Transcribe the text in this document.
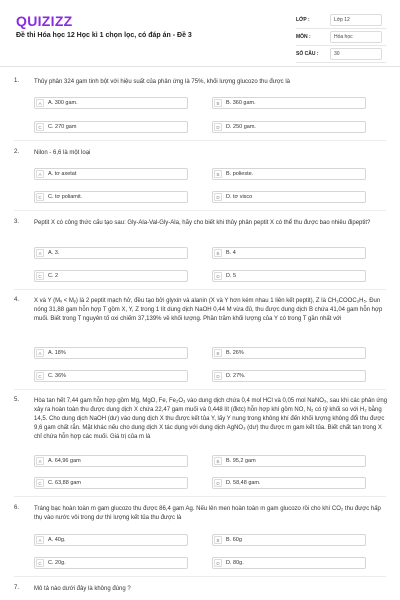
QUIZIZZ
Đề thi Hóa học 12 Học kì 1 chọn lọc, có đáp án - Đề 3
LỚP :	Lớp 12
MÔN :	Hóa học
SỐ CÂU :	30
1. Thủy phân 324 gam tinh bột với hiệu suất của phản ứng là 75%, khối lượng glucozo thu được là
A	A. 300 gam.	B	B. 360 gam.
C	C. 270 gam	D	D. 250 gam.
2. Nilon - 6,6 là một loại
A	A. tơ axetat	B	B. polieste.
C	C. tơ poliamit.	D	D. tơ visco
3. Peptit X có công thức cấu tạo sau: Gly-Ala-Val-Gly-Ala, hãy cho biết khi thủy phân peptit X có thể thu được bao nhiêu đipeptit?
A	A. 3.	B	B. 4
C	C. 2	D	D. 5
4. X và Y (Mₓ < Mᵧ) là 2 peptit mạch hở, đều tạo bởi glyxin và alanin (X và Y hơn kém nhau 1 liên kết peptit), Z là CH₃COOC₃H₅. Đun nóng 31,88 gam hỗn hợp T gồm X, Y, Z trong 1 lít dung dịch NaOH 0,44 M vừa đủ, thu được dung dịch B chứa 41,04 gam hỗn hợp muối. Biết trong T nguyên tố oxi chiếm 37,139% về khối lượng. Phần trăm khối lượng của Y có trong T gần nhất với
A	A. 18%	B	B. 26%
C	C. 36%	D	D. 27%.
5. Hòa tan hết 7,44 gam hỗn hợp gồm Mg, MgO, Fe, Fe₂O₃ vào dung dịch chứa 0,4 mol HCl và 0,05 mol NaNO₃, sau khi các phản ứng xảy ra hoàn toàn thu được dung dịch X chứa 22,47 gam muối và 0,448 lít (đktc) hỗn hợp khí gồm NO, N₂ có tỷ khối so với H₂ bằng 14,5. Cho dung dịch NaOH (dư) vào dung dịch X thu được kết tủa Y, lấy Y nung trong không khí đến khối lượng không đổi thu được 9,6 gam chất rắn. Mặt khác nếu cho dung dịch X tác dụng với dung dịch AgNO₃ (dư) thu được m gam kết tủa. Biết chất tan trong X chỉ chứa hỗn hợp các muối. Giá trị của m là
A	A. 64,96 gam	B	B. 95,2 gam
C	C. 63,88 gam	D	D. 58,48 gam.
6. Tráng bạc hoàn toàn m gam glucozo thu được 86,4 gam Ag. Nếu lên men hoàn toàn m gam glucozo rồi cho khí CO₂ thu được hấp thụ vào nước vôi trong dư thì lượng kết tủa thu được là
A	A. 40g.	B	B. 60g
C	C. 20g.	D	D. 80g.
7. Mô tả nào dưới đây là không đúng ?
